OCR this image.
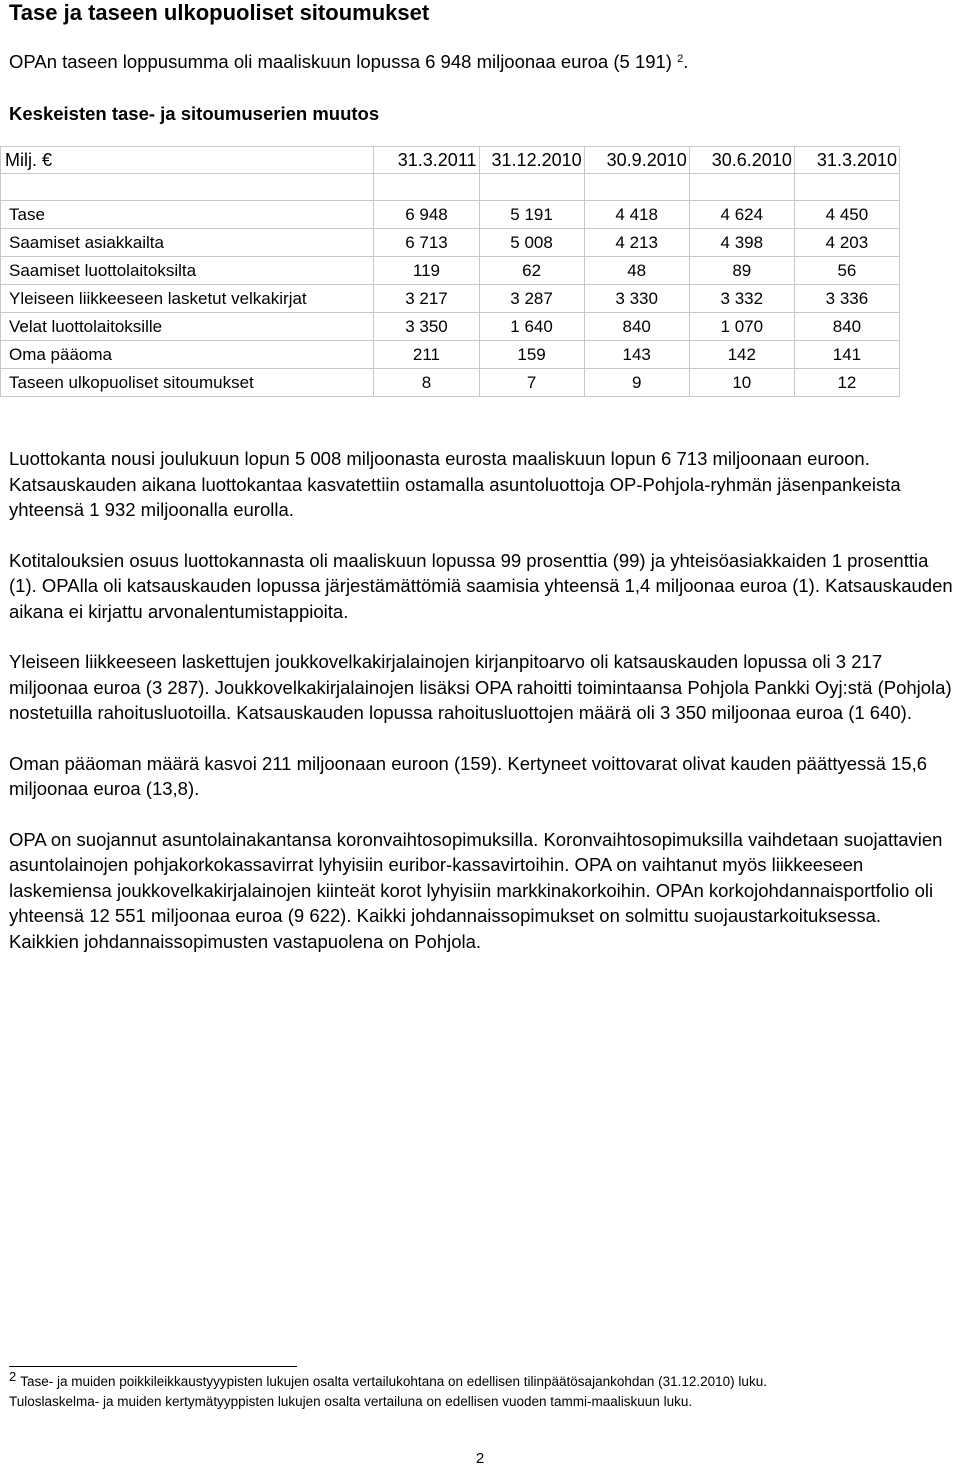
Tase ja taseen ulkopuoliset sitoumukset

OPAn taseen loppusumma oli maaliskuun lopussa 6 948 miljoonaa euroa (5 191) $^2$.

Keskeisten tase- ja sitoumuserien muutos

Milj. €	31.3.2011	31.12.2010	30.9.2010	30.6.2010	31.3.2010

Tase	6 948	5 191	4 418	4 624	4 450
Saamiset asiakkailta	6 713	5 008	4 213	4 398	4 203
Saamiset luottolaitoksilta	119	62	48	89	56
Yleiseen liikkeeseen lasketut velkakirjat	3 217	3 287	3 330	3 332	3 336
Velat luottolaitoksille	3 350	1 640	840	1 070	840
Oma pääoma	211	159	143	142	141
Taseen ulkopuoliset sitoumukset	8	7	9	10	12

Luottokanta nousi joulukuun lopun 5 008 miljoonasta eurosta maaliskuun lopun 6 713 miljoonaan euroon. Katsauskauden aikana luottokantaa kasvatettiin ostamalla asuntoluottoja OP-Pohjola-ryhmän jäsenpankeista yhteensä 1 932 miljoonalla eurolla.

Kotitalouksien osuus luottokannasta oli maaliskuun lopussa 99 prosenttia (99) ja yhteisöasiakkaiden 1 prosenttia (1). OPAlla oli katsauskauden lopussa järjestämättömiä saamisia yhteensä 1,4 miljoonaa euroa (1). Katsauskauden aikana ei kirjattu arvonalentumistappioita.

Yleiseen liikkeeseen laskettujen joukkovelkakirjalainojen kirjanpitoarvo oli katsauskauden lopussa oli 3 217 miljoonaa euroa (3 287). Joukkovelkakirjalainojen lisäksi OPA rahoitti toimintaansa Pohjola Pankki Oyj:stä (Pohjola) nostetuilla rahoitusluotoilla. Katsauskauden lopussa rahoitusluottojen määrä oli 3 350 miljoonaa euroa (1 640).

Oman pääoman määrä kasvoi 211 miljoonaan euroon (159). Kertyneet voittovarat olivat kauden päättyessä 15,6 miljoonaa euroa (13,8).

OPA on suojannut asuntolainakantansa koronvaihtosopimuksilla. Koronvaihtosopimuksilla vaihdetaan suojattavien asuntolainojen pohjakorkokassavirrat lyhyisiin euribor-kassavirtoihin. OPA on vaihtanut myös liikkeeseen laskemiensa joukkovelkakirjalainojen kiinteät korot lyhyisiin markkinakorkoihin. OPAn korkojohdannaisportfolio oli yhteensä 12 551 miljoonaa euroa (9 622). Kaikki johdannaissopimukset on solmittu suojaustarkoituksessa. Kaikkien johdannaissopimusten vastapuolena on Pohjola.

2 Tase- ja muiden poikkileikkaustyyypisten lukujen osalta vertailukohtana on edellisen tilinpäätösajankohdan (31.12.2010) luku.
Tuloslaskelma- ja muiden kertymätyyppisten lukujen osalta vertailuna on edellisen vuoden tammi-maaliskuun luku.
2
